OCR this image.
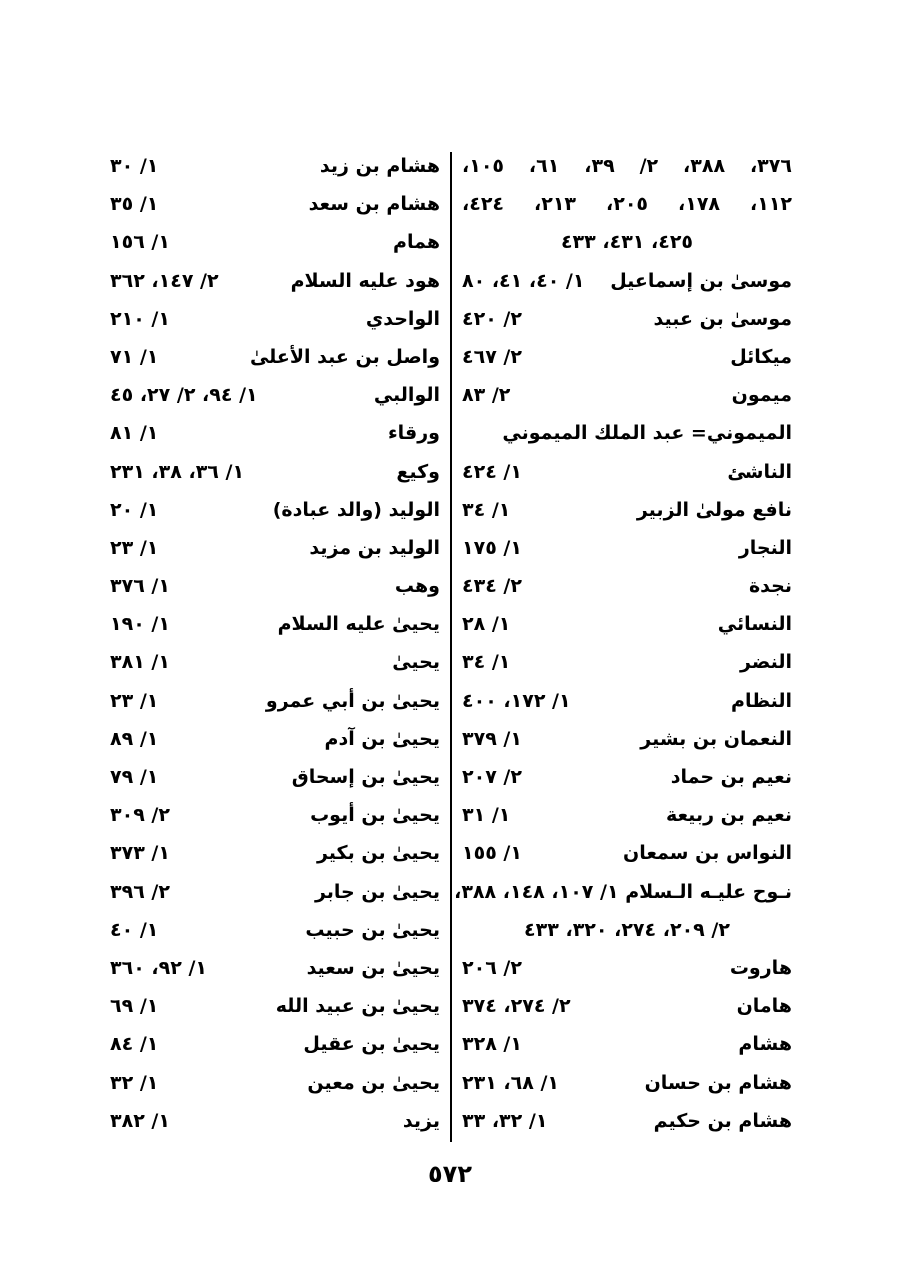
٣٧٦، ٣٨٨، ٢/ ٣٩، ٦١، ١٠٥،
١١٢، ١٧٨، ٢٠٥، ٢١٣، ٤٢٤،
٤٢٥، ٤٣١، ٤٣٣
موسىٰ بن إسماعيل
١/ ٤٠، ٤١، ٨٠
موسىٰ بن عبيد
٢/ ٤٢٠
ميكائل
٢/ ٤٦٧
ميمون
٢/ ٨٣
الميموني= عبد الملك الميموني
الناشئ
١/ ٤٢٤
نافع مولىٰ الزبير
١/ ٣٤
النجار
١/ ١٧٥
نجدة
٢/ ٤٣٤
النسائي
١/ ٢٨
النضر
١/ ٣٤
النظام
١/ ١٧٢، ٤٠٠
النعمان بن بشير
١/ ٣٧٩
نعيم بن حماد
٢/ ٢٠٧
نعيم بن ربيعة
١/ ٣١
النواس بن سمعان
١/ ١٥٥
نـوح عليـه الـسلام ١/ ١٠٧، ١٤٨، ٣٨٨،
٢/ ٢٠٩، ٢٧٤، ٣٢٠، ٤٣٣
هاروت
٢/ ٢٠٦
هامان
٢/ ٢٧٤، ٣٧٤
هشام
١/ ٣٢٨
هشام بن حسان
١/ ٦٨، ٢٣١
هشام بن حكيم
١/ ٣٢، ٣٣
هشام بن زيد
١/ ٣٠
هشام بن سعد
١/ ٣٥
همام
١/ ١٥٦
هود عليه السلام
٢/ ١٤٧، ٣٦٢
الواحدي
١/ ٢١٠
واصل بن عبد الأعلىٰ
١/ ٧١
الوالبي
١/ ٩٤، ٢/ ٢٧، ٤٥
ورقاء
١/ ٨١
وكيع
١/ ٣٦، ٣٨، ٢٣١
الوليد (والد عبادة)
١/ ٢٠
الوليد بن مزيد
١/ ٢٣
وهب
١/ ٣٧٦
يحيىٰ عليه السلام
١/ ١٩٠
يحيىٰ
١/ ٣٨١
يحيىٰ بن أبي عمرو
١/ ٢٣
يحيىٰ بن آدم
١/ ٨٩
يحيىٰ بن إسحاق
١/ ٧٩
يحيىٰ بن أيوب
٢/ ٣٠٩
يحيىٰ بن بكير
١/ ٣٧٣
يحيىٰ بن جابر
٢/ ٣٩٦
يحيىٰ بن حبيب
١/ ٤٠
يحيىٰ بن سعيد
١/ ٩٢، ٣٦٠
يحيىٰ بن عبيد الله
١/ ٦٩
يحيىٰ بن عقيل
١/ ٨٤
يحيىٰ بن معين
١/ ٣٢
يزيد
١/ ٣٨٢
٥٧٢
